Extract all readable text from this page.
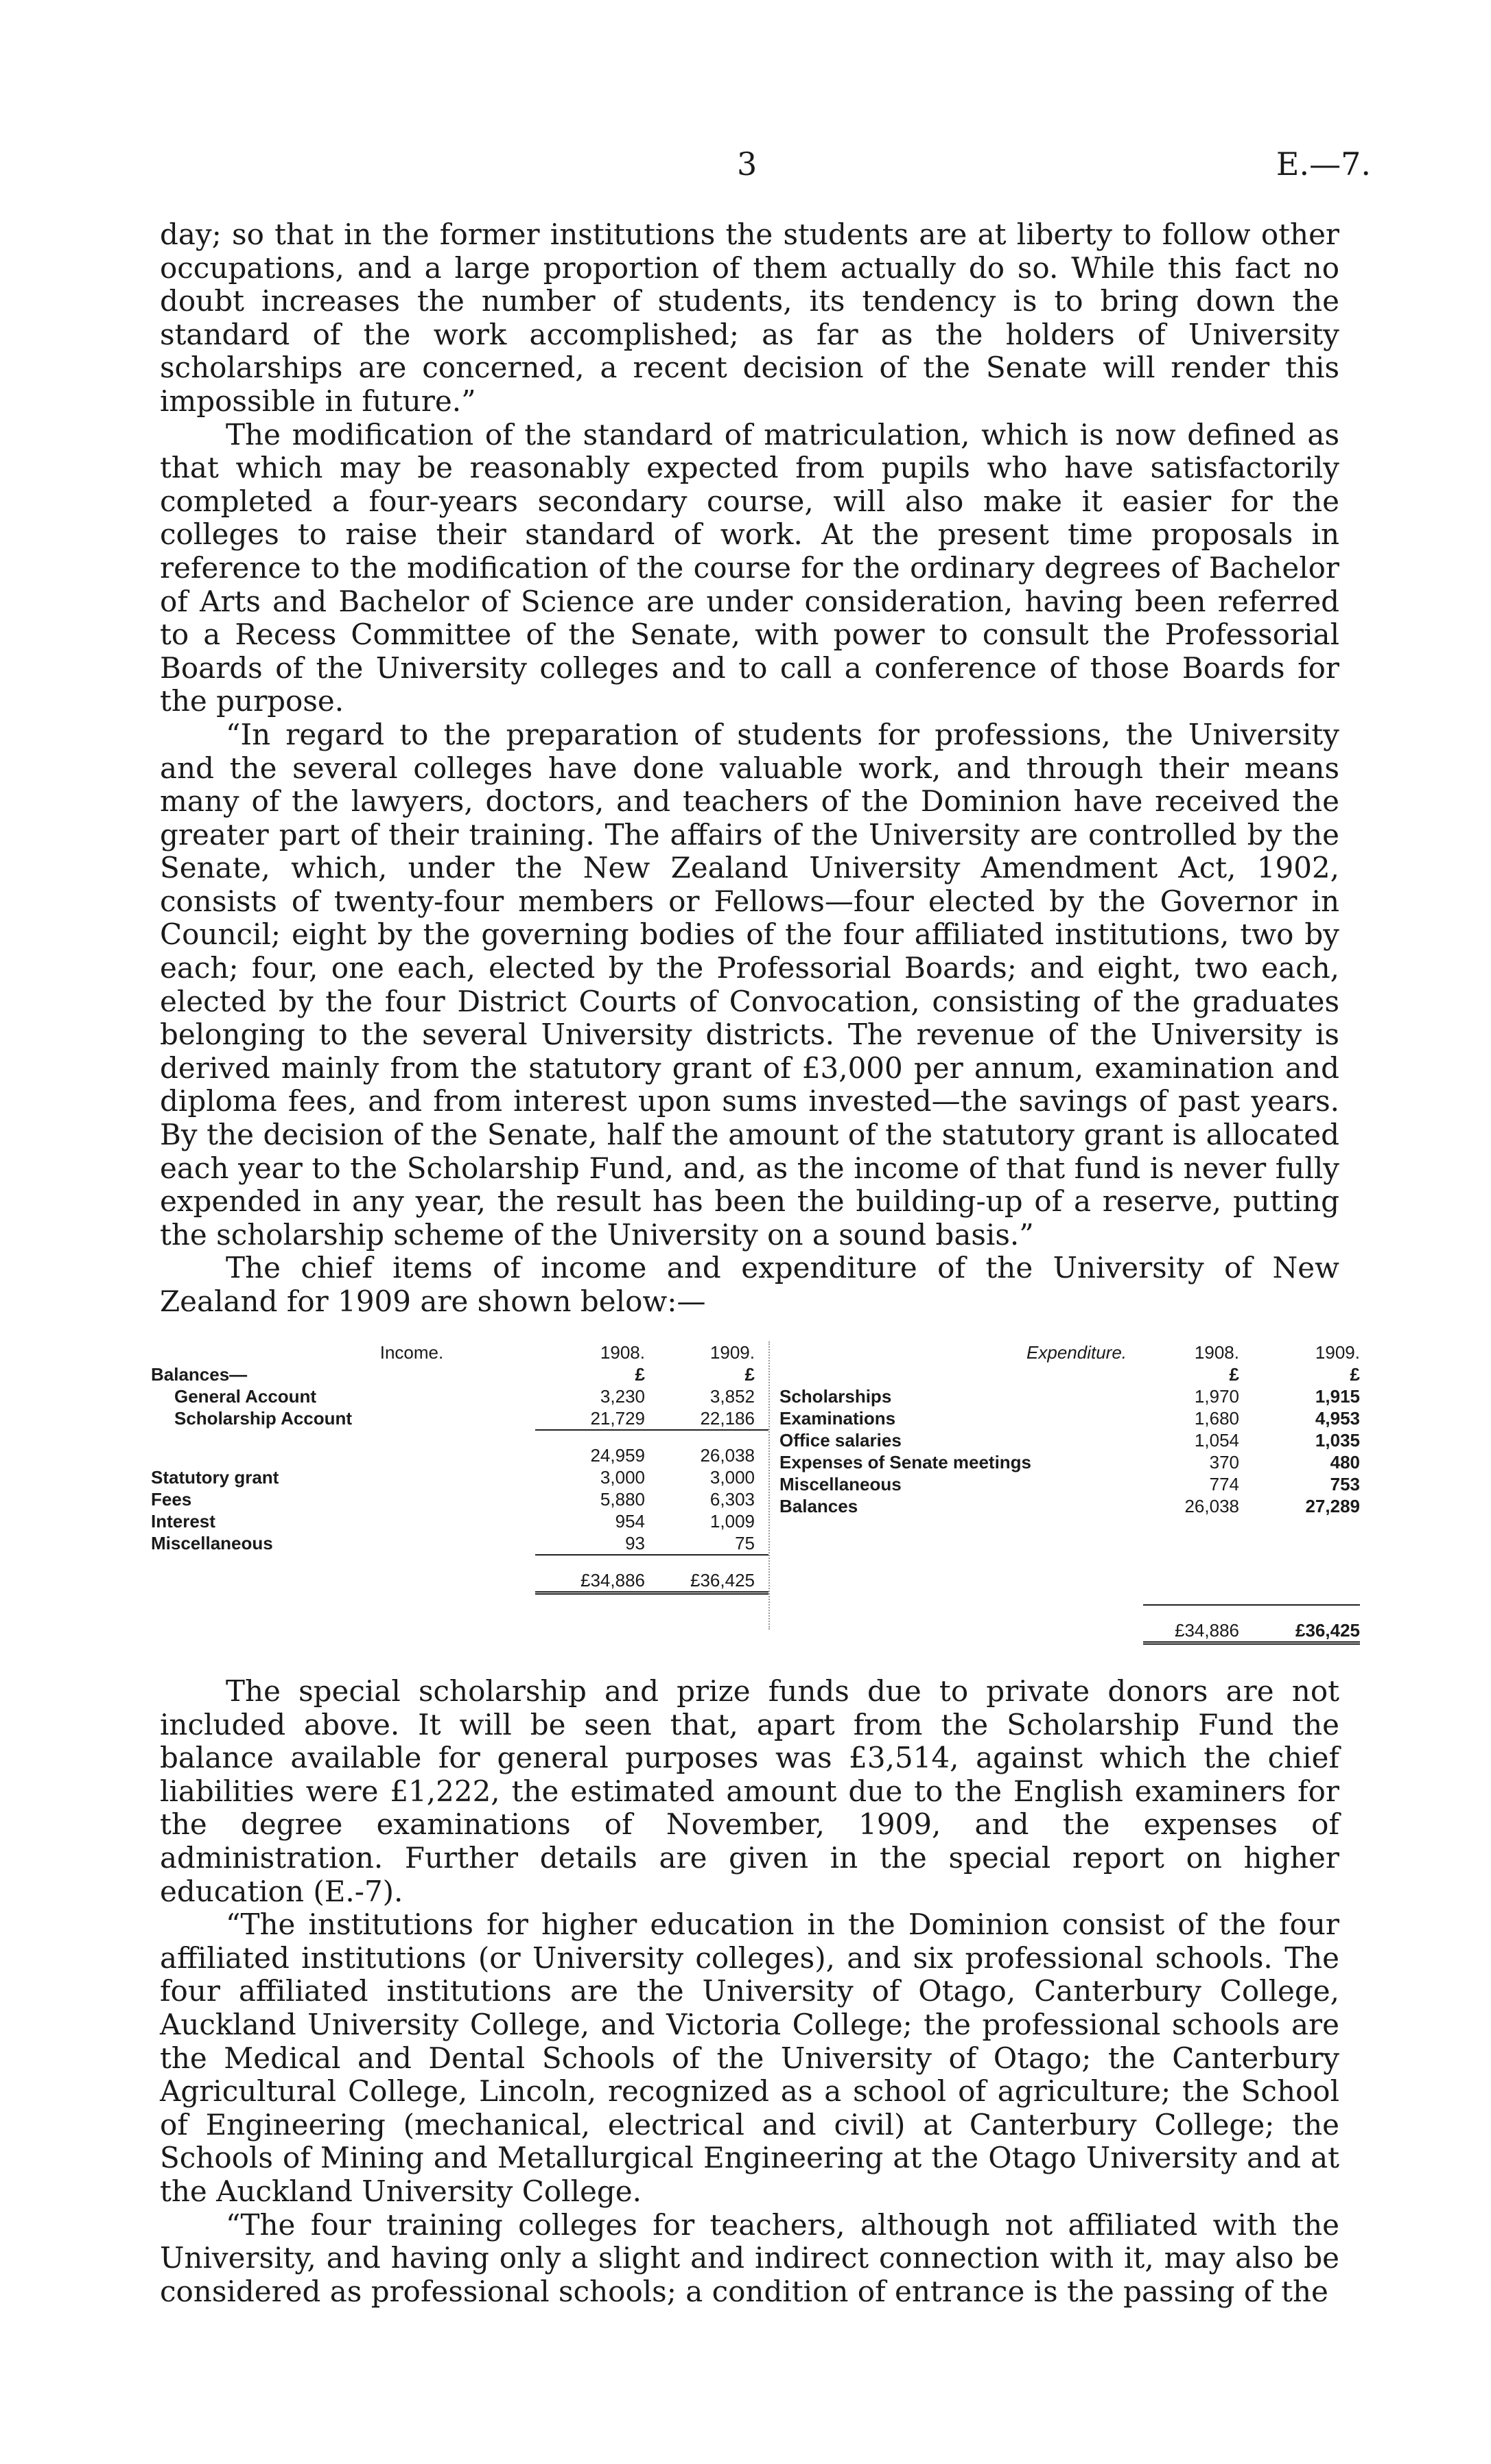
3	E.—7.

day; so that in the former institutions the students are at liberty to follow other occupations, and a large proportion of them actually do so. While this fact no doubt increases the number of students, its tendency is to bring down the standard of the work accomplished; as far as the holders of University scholarships are concerned, a recent decision of the Senate will render this impossible in future.”

The modification of the standard of matriculation, which is now defined as that which may be reasonably expected from pupils who have satisfactorily completed a four-years secondary course, will also make it easier for the colleges to raise their standard of work. At the present time proposals in reference to the modification of the course for the ordinary degrees of Bachelor of Arts and Bachelor of Science are under consideration, having been referred to a Recess Committee of the Senate, with power to consult the Professorial Boards of the University colleges and to call a conference of those Boards for the purpose.

“In regard to the preparation of students for professions, the University and the several colleges have done valuable work, and through their means many of the lawyers, doctors, and teachers of the Dominion have received the greater part of their training. The affairs of the University are controlled by the Senate, which, under the New Zealand University Amendment Act, 1902, consists of twenty-four members or Fellows—four elected by the Governor in Council; eight by the governing bodies of the four affiliated institutions, two by each; four, one each, elected by the Professorial Boards; and eight, two each, elected by the four District Courts of Convocation, consisting of the graduates belonging to the several University districts. The revenue of the University is derived mainly from the statutory grant of £3,000 per annum, examination and diploma fees, and from interest upon sums invested—the savings of past years. By the decision of the Senate, half the amount of the statutory grant is allocated each year to the Scholarship Fund, and, as the income of that fund is never fully expended in any year, the result has been the building-up of a reserve, putting the scholarship scheme of the University on a sound basis.”

The chief items of income and expenditure of the University of New Zealand for 1909 are shown below:—

Income.	1908.	1909.
Balances—	£	£
General Account	3,230	3,852
Scholarship Account	21,729	22,186

	24,959	26,038
Statutory grant	3,000	3,000
Fees	5,880	6,303
Interest	954	1,009
Miscellaneous	93	75

	£34,886	£36,425
Expenditure.	1908.	1909.
	£	£
Scholarships	1,970	1,915
Examinations	1,680	4,953
Office salaries	1,054	1,035
Expenses of Senate meetings	370	480
Miscellaneous	774	753
Balances	26,038	27,289

	£34,886	£36,425

The special scholarship and prize funds due to private donors are not included above. It will be seen that, apart from the Scholarship Fund the balance available for general purposes was £3,514, against which the chief liabilities were £1,222, the estimated amount due to the English examiners for the degree examinations of November, 1909, and the expenses of administration. Further details are given in the special report on higher education (E.-7).

“The institutions for higher education in the Dominion consist of the four affiliated institutions (or University colleges), and six professional schools. The four affiliated institutions are the University of Otago, Canterbury College, Auckland University College, and Victoria College; the professional schools are the Medical and Dental Schools of the University of Otago; the Canterbury Agricultural College, Lincoln, recognized as a school of agriculture; the School of Engineering (mechanical, electrical and civil) at Canterbury College; the Schools of Mining and Metallurgical Engineering at the Otago University and at the Auckland University College.

“The four training colleges for teachers, although not affiliated with the University, and having only a slight and indirect connection with it, may also be considered as professional schools; a condition of entrance is the passing of the
